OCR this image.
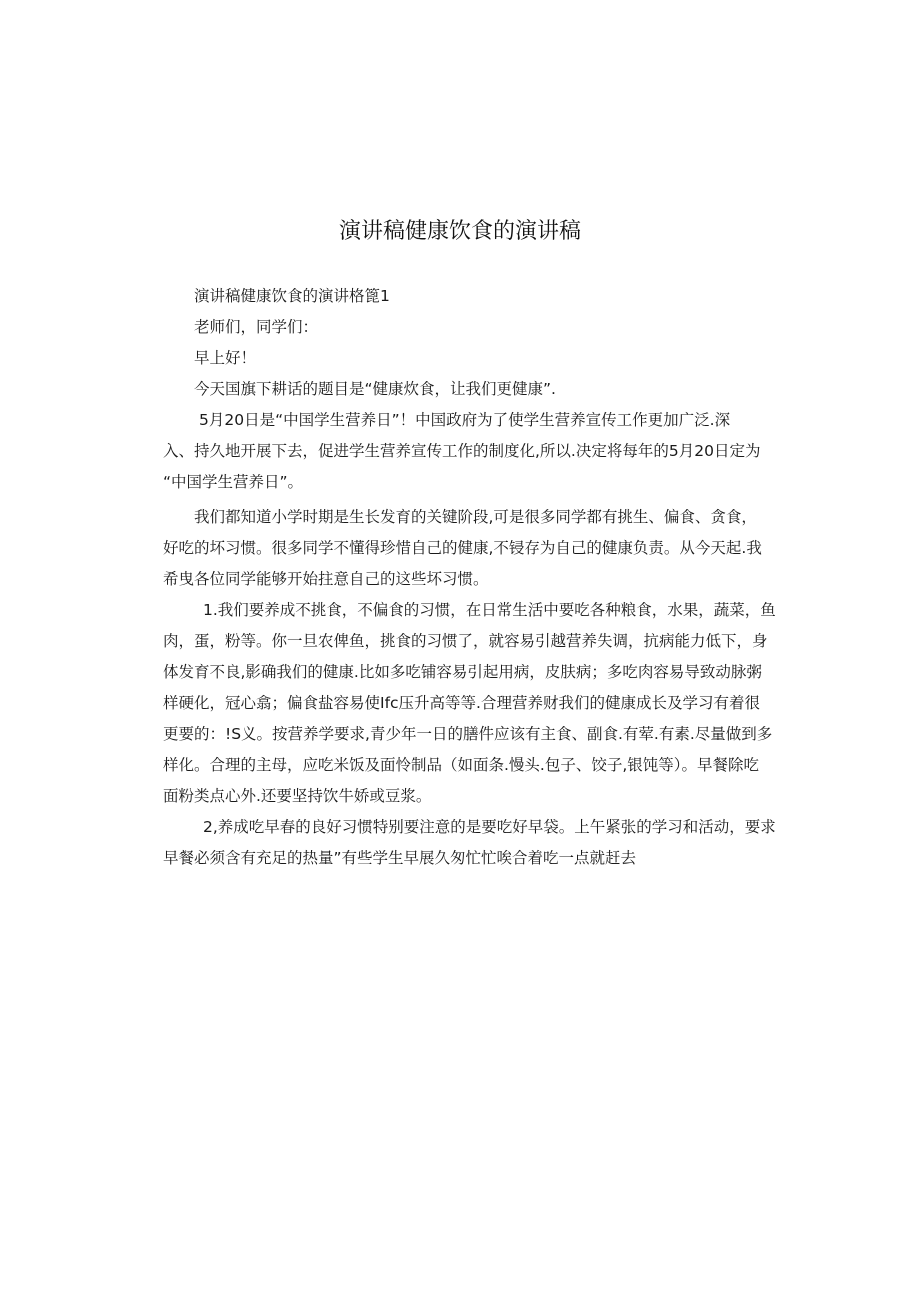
演讲稿健康饮食的演讲稿
演讲稿健康饮食的演讲格篦1
老师们，同学们：
早上好！
今天国旗下耕话的题目是“健康炊食，让我们更健康”.
5月20日是“中国学生营养日”！中国政府为了使学生营养宣传工作更加广泛.深
入、持久地开展下去，促进学生营养宣传工作的制度化,所以.决定将每年的5月20日定为
“中国学生营养日”。
我们都知道小学时期是生长发育的关键阶段,可是很多同学都有挑生、偏食、贪食，
好吃的坏习惯。很多同学不懂得珍惜自己的健康,不锓存为自己的健康负责。从今天起.我
希曳各位同学能够开始拄意自己的这些坏习惯。
1.我们要养成不挑食，不偏食的习惯，在日常生活中要吃各种粮食，水果，蔬菜，鱼
肉，蛋，粉等。你一旦农俾鱼，挑食的习惯了，就容易引越营养失调，抗病能力低下，身
体发育不良,影确我们的健康.比如多吃铺容易引起用病，皮肤病；多吃肉容易导致动脉粥
样硬化，冠心翕；偏食盐容易使Ifc压升高等等.合理营养财我们的健康成长及学习有着很
更要的：!S义。按营养学要求,青少年一日的膳件应该有主食、副食.有荤.有素.尽量做到多
样化。合理的主母，应吃米饭及面怜制品（如面条.慢头.包子、饺子,银饨等）。早餐除吃
面粉类点心外.还要坚持饮牛娇或豆浆。
2,养成吃早春的良好习惯特别要注意的是要吃好早袋。上午紧张的学习和活动，要求
早餐必须含有充足的热量”有些学生早展久匆忙忙唉合着吃一点就赶去
